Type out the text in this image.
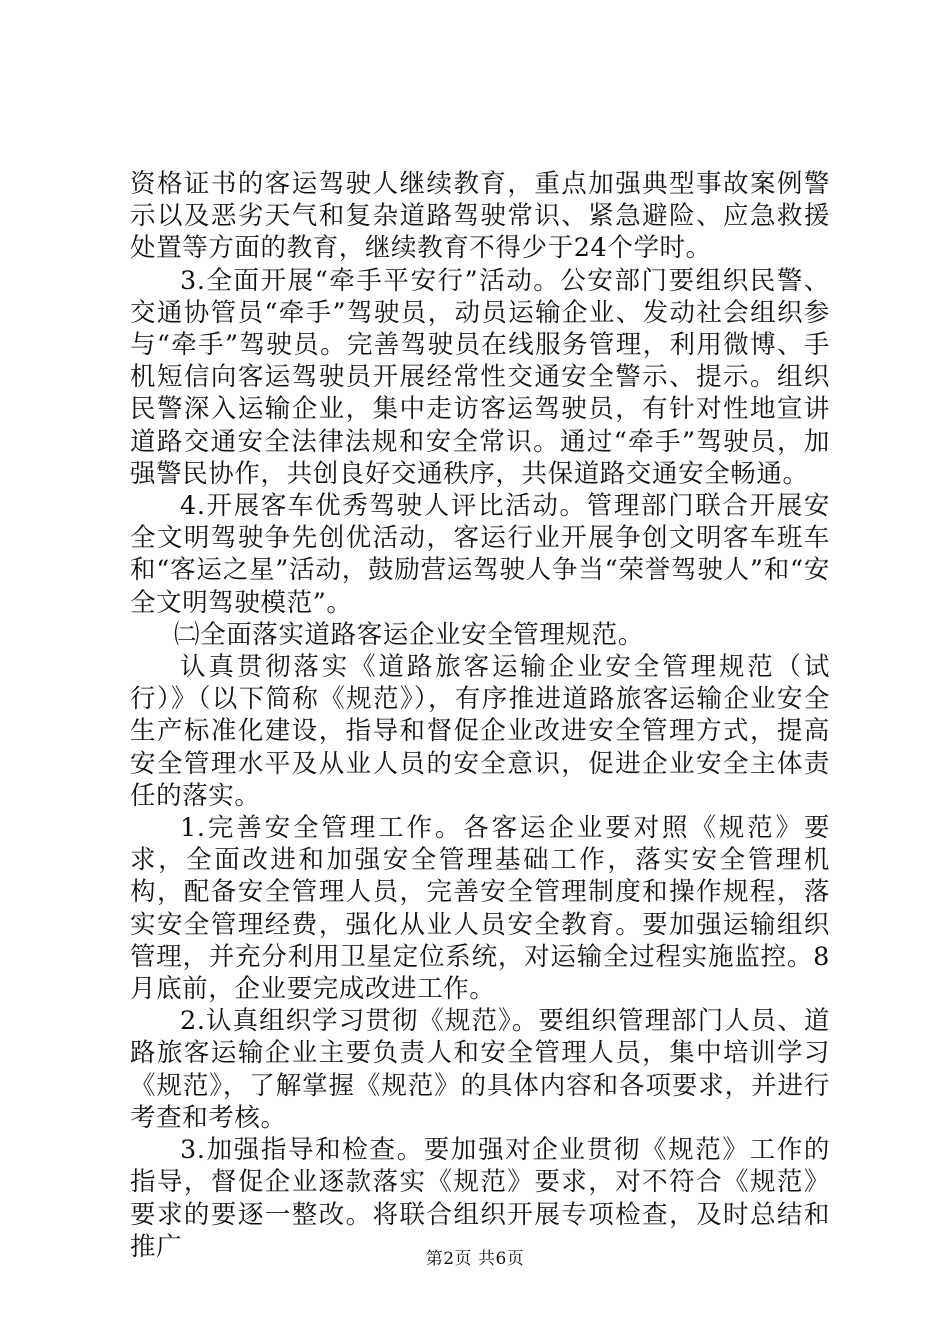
资格证书的客运驾驶人继续教育，重点加强典型事故案例警示以及恶劣天气和复杂道路驾驶常识、紧急避险、应急救援处置等方面的教育，继续教育不得少于24个学时。

3.全面开展“牵手平安行”活动。公安部门要组织民警、交通协管员“牵手”驾驶员，动员运输企业、发动社会组织参与“牵手”驾驶员。完善驾驶员在线服务管理，利用微博、手机短信向客运驾驶员开展经常性交通安全警示、提示。组织民警深入运输企业，集中走访客运驾驶员，有针对性地宣讲道路交通安全法律法规和安全常识。通过“牵手”驾驶员，加强警民协作，共创良好交通秩序，共保道路交通安全畅通。

4.开展客车优秀驾驶人评比活动。管理部门联合开展安全文明驾驶争先创优活动，客运行业开展争创文明客车班车和“客运之星”活动，鼓励营运驾驶人争当“荣誉驾驶人”和“安全文明驾驶模范”。

㈡全面落实道路客运企业安全管理规范。

认真贯彻落实《道路旅客运输企业安全管理规范（试行）》（以下简称《规范》），有序推进道路旅客运输企业安全生产标准化建设，指导和督促企业改进安全管理方式，提高安全管理水平及从业人员的安全意识，促进企业安全主体责任的落实。

1.完善安全管理工作。各客运企业要对照《规范》要求，全面改进和加强安全管理基础工作，落实安全管理机构，配备安全管理人员，完善安全管理制度和操作规程，落实安全管理经费，强化从业人员安全教育。要加强运输组织管理，并充分利用卫星定位系统，对运输全过程实施监控。8月底前，企业要完成改进工作。

2.认真组织学习贯彻《规范》。要组织管理部门人员、道路旅客运输企业主要负责人和安全管理人员，集中培训学习《规范》，了解掌握《规范》的具体内容和各项要求，并进行考查和考核。

3.加强指导和检查。要加强对企业贯彻《规范》工作的指导，督促企业逐款落实《规范》要求，对不符合《规范》要求的要逐一整改。将联合组织开展专项检查，及时总结和推广	第2页 共6页
